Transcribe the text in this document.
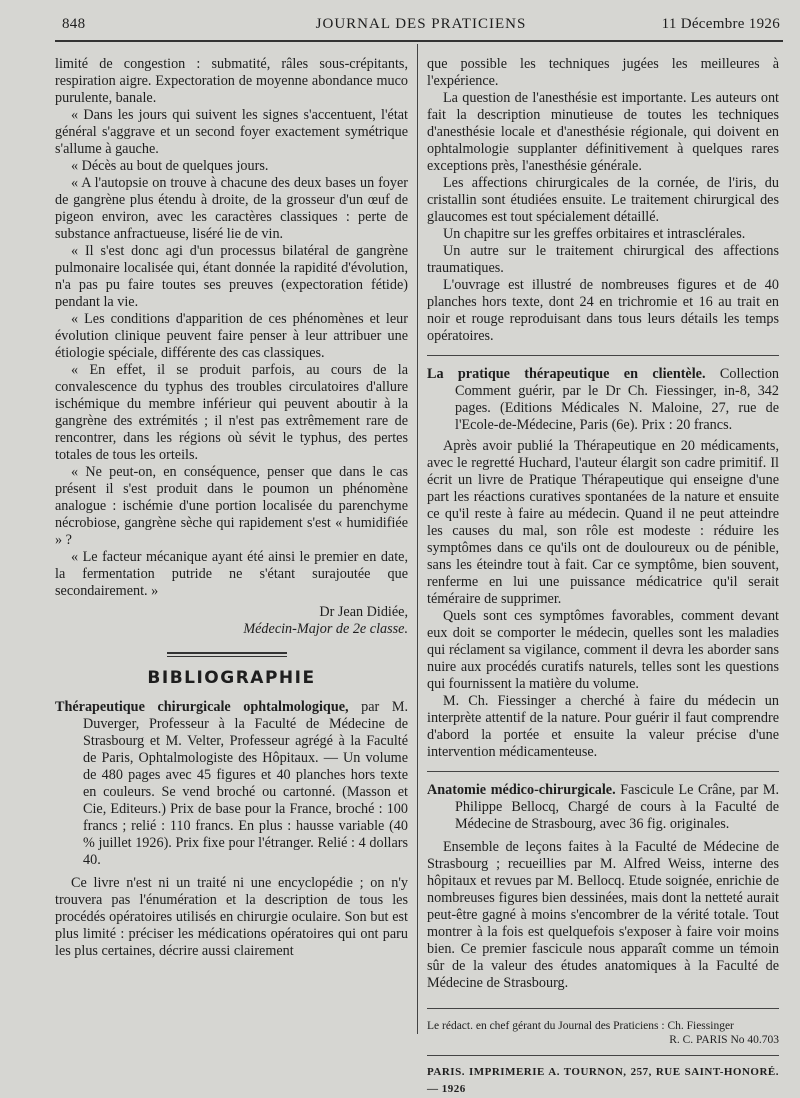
848	JOURNAL DES PRATICIENS	11 Décembre 1926

limité de congestion : submatité, râles sous-crépitants, respiration aigre. Expectoration de moyenne abondance muco purulente, banale.

« Dans les jours qui suivent les signes s'accentuent, l'état général s'aggrave et un second foyer exactement symétrique s'allume à gauche.

« Décès au bout de quelques jours.

« A l'autopsie on trouve à chacune des deux bases un foyer de gangrène plus étendu à droite, de la grosseur d'un œuf de pigeon environ, avec les caractères classiques : perte de substance anfractueuse, liséré lie de vin.

« Il s'est donc agi d'un processus bilatéral de gangrène pulmonaire localisée qui, étant donnée la rapidité d'évolution, n'a pas pu faire toutes ses preuves (expectoration fétide) pendant la vie.

« Les conditions d'apparition de ces phénomènes et leur évolution clinique peuvent faire penser à leur attribuer une étiologie spéciale, différente des cas classiques.

« En effet, il se produit parfois, au cours de la convalescence du typhus des troubles circulatoires d'allure ischémique du membre inférieur qui peuvent aboutir à la gangrène des extrémités ; il n'est pas extrêmement rare de rencontrer, dans les régions où sévit le typhus, des pertes totales de tous les orteils.

« Ne peut-on, en conséquence, penser que dans le cas présent il s'est produit dans le poumon un phénomène analogue : ischémie d'une portion localisée du parenchyme nécrobiose, gangrène sèche qui rapidement s'est « humidifiée » ?

« Le facteur mécanique ayant été ainsi le premier en date, la fermentation putride ne s'étant surajoutée que secondairement. »

Dr Jean Didiée,

Médecin-Major de 2e classe.

BIBLIOGRAPHIE

Thérapeutique chirurgicale ophtalmologique, par M. Duverger, Professeur à la Faculté de Médecine de Strasbourg et M. Velter, Professeur agrégé à la Faculté de Paris, Ophtalmologiste des Hôpitaux. — Un volume de 480 pages avec 45 figures et 40 planches hors texte en couleurs. Se vend broché ou cartonné. (Masson et Cie, Editeurs.) Prix de base pour la France, broché : 100 francs ; relié : 110 francs. En plus : hausse variable (40 % juillet 1926). Prix fixe pour l'étranger. Relié : 4 dollars 40.

Ce livre n'est ni un traité ni une encyclopédie ; on n'y trouvera pas l'énumération et la description de tous les procédés opératoires utilisés en chirurgie oculaire. Son but est plus limité : préciser les médications opératoires qui ont paru les plus certaines, décrire aussi clairement

que possible les techniques jugées les meilleures à l'expérience.

La question de l'anesthésie est importante. Les auteurs ont fait la description minutieuse de toutes les techniques d'anesthésie locale et d'anesthésie régionale, qui doivent en ophtalmologie supplanter définitivement à quelques rares exceptions près, l'anesthésie générale.

Les affections chirurgicales de la cornée, de l'iris, du cristallin sont étudiées ensuite. Le traitement chirurgical des glaucomes est tout spécialement détaillé.

Un chapitre sur les greffes orbitaires et intrasclérales.

Un autre sur le traitement chirurgical des affections traumatiques.

L'ouvrage est illustré de nombreuses figures et de 40 planches hors texte, dont 24 en trichromie et 16 au trait en noir et rouge reproduisant dans tous leurs détails les temps opératoires.

La pratique thérapeutique en clientèle. Collection Comment guérir, par le Dr Ch. Fiessinger, in-8, 342 pages. (Editions Médicales N. Maloine, 27, rue de l'Ecole-de-Médecine, Paris (6e). Prix : 20 francs.

Après avoir publié la Thérapeutique en 20 médicaments, avec le regretté Huchard, l'auteur élargit son cadre primitif. Il écrit un livre de Pratique Thérapeutique qui enseigne d'une part les réactions curatives spontanées de la nature et ensuite ce qu'il reste à faire au médecin. Quand il ne peut atteindre les causes du mal, son rôle est modeste : réduire les symptômes dans ce qu'ils ont de douloureux ou de pénible, sans les éteindre tout à fait. Car ce symptôme, bien souvent, renferme en lui une puissance médicatrice qu'il serait téméraire de supprimer.

Quels sont ces symptômes favorables, comment devant eux doit se comporter le médecin, quelles sont les maladies qui réclament sa vigilance, comment il devra les aborder sans nuire aux procédés curatifs naturels, telles sont les questions qui fournissent la matière du volume.

M. Ch. Fiessinger a cherché à faire du médecin un interprète attentif de la nature. Pour guérir il faut comprendre d'abord la portée et ensuite la valeur précise d'une intervention médicamenteuse.

Anatomie médico-chirurgicale. Fascicule Le Crâne, par M. Philippe Bellocq, Chargé de cours à la Faculté de Médecine de Strasbourg, avec 36 fig. originales.

Ensemble de leçons faites à la Faculté de Médecine de Strasbourg ; recueillies par M. Alfred Weiss, interne des hôpitaux et revues par M. Bellocq. Etude soignée, enrichie de nombreuses figures bien dessinées, mais dont la netteté aurait peut-être gagné à moins s'encombrer de la vérité totale. Tout montrer à la fois est quelquefois s'exposer à faire voir moins bien. Ce premier fascicule nous apparaît comme un témoin sûr de la valeur des études anatomiques à la Faculté de Médecine de Strasbourg.

Le rédact. en chef gérant du Journal des Praticiens : Ch. Fiessinger
R. C. PARIS No 40.703
PARIS. IMPRIMERIE A. TOURNON, 257, RUE SAINT-HONORÉ. — 1926
